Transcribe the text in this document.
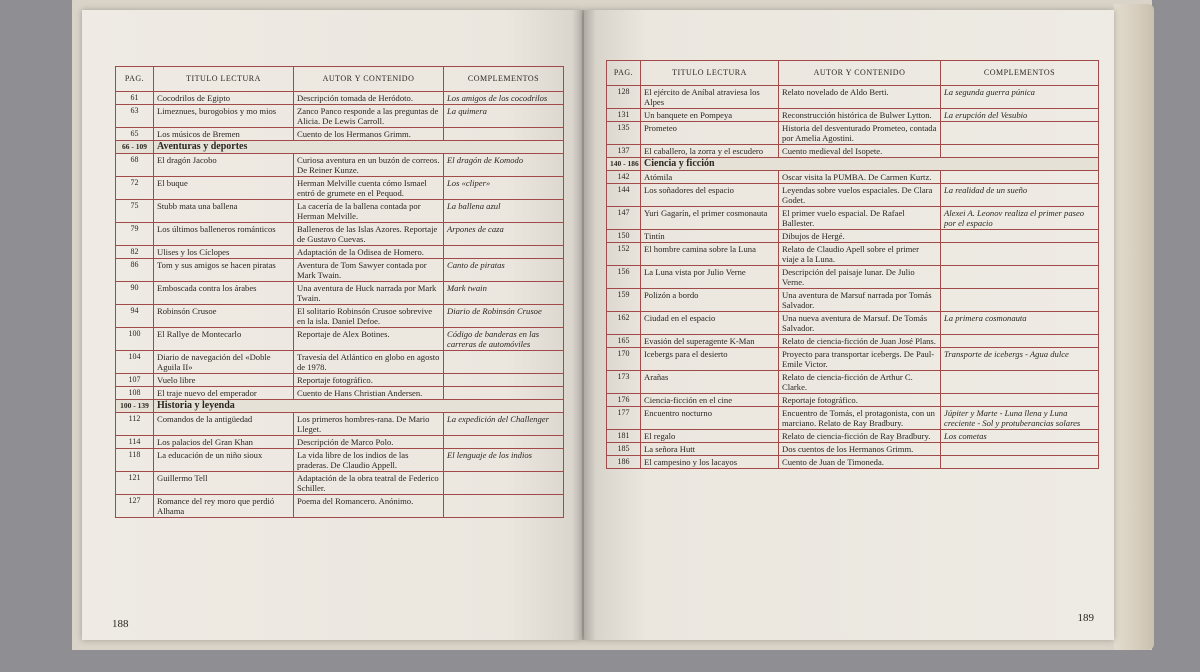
PAG.	TITULO LECTURA	AUTOR Y CONTENIDO	COMPLEMENTOS
61	Cocodrilos de Egipto	Descripción tomada de Heródoto.	Los amigos de los cocodrilos
63	Limeznues, burogobios y mo mios	Zanco Panco responde a las preguntas de Alicia. De Lewis Carroll.	La quimera
65	Los músicos de Bremen	Cuento de los Hermanos Grimm.	
66 - 109	Aventuras y deportes		
68	El dragón Jacobo	Curiosa aventura en un buzón de correos. De Reiner Kunze.	El dragón de Komodo
72	El buque	Herman Melville cuenta cómo Ismael entró de grumete en el Pequod.	Los «cliper»
75	Stubb mata una ballena	La cacería de la ballena contada por Herman Melville.	La ballena azul
79	Los últimos balleneros románticos	Balleneros de las Islas Azores. Reportaje de Gustavo Cuevas.	Arpones de caza
82	Ulises y los Cíclopes	Adaptación de la Odisea de Homero.	
86	Tom y sus amigos se hacen piratas	Aventura de Tom Sawyer contada por Mark Twain.	Canto de piratas
90	Emboscada contra los árabes	Una aventura de Huck narrada por Mark Twain.	Mark twain
94	Robinsón Crusoe	El solitario Robinsón Crusoe sobrevive en la isla. Daniel Defoe.	Diario de Robinsón Crusoe
100	El Rallye de Montecarlo	Reportaje de Alex Botines.	Código de banderas en las carreras de automóviles
104	Diario de navegación del «Doble Aguila II»	Travesía del Atlántico en globo en agosto de 1978.	
107	Vuelo libre	Reportaje fotográfico.	
108	El traje nuevo del emperador	Cuento de Hans Christian Andersen.	
100 - 139	Historia y leyenda		
112	Comandos de la antigüedad	Los primeros hombres-rana. De Mario Lleget.	La expedición del Challenger
114	Los palacios del Gran Khan	Descripción de Marco Polo.	
118	La educación de un niño sioux	La vida libre de los indios de las praderas. De Claudio Appell.	El lenguaje de los indios
121	Guillermo Tell	Adaptación de la obra teatral de Federico Schiller.	
127	Romance del rey moro que perdió Alhama	Poema del Romancero. Anónimo.	
188
PAG.	TITULO LECTURA	AUTOR Y CONTENIDO	COMPLEMENTOS
128	El ejército de Aníbal atraviesa los Alpes	Relato novelado de Aldo Berti.	La segunda guerra púnica
131	Un banquete en Pompeya	Reconstrucción histórica de Bulwer Lytton.	La erupción del Vesubio
135	Prometeo	Historia del desventurado Prometeo, contada por Amelia Agostini.	
137	El caballero, la zorra y el escudero	Cuento medieval del Isopete.	
140 - 186	Ciencia y ficción		
142	Atómila	Oscar visita la PUMBA. De Carmen Kurtz.	
144	Los soñadores del espacio	Leyendas sobre vuelos espaciales. De Clara Godet.	La realidad de un sueño
147	Yuri Gagarín, el primer cosmonauta	El primer vuelo espacial. De Rafael Ballester.	Alexei A. Leonov realiza el primer paseo por el espacio
150	Tintín	Dibujos de Hergé.	
152	El hombre camina sobre la Luna	Relato de Claudio Apell sobre el primer viaje a la Luna.	
156	La Luna vista por Julio Verne	Descripción del paisaje lunar. De Julio Verne.	
159	Polizón a bordo	Una aventura de Marsuf narrada por Tomás Salvador.	
162	Ciudad en el espacio	Una nueva aventura de Marsuf. De Tomás Salvador.	La primera cosmonauta
165	Evasión del superagente K-Man	Relato de ciencia-ficción de Juan José Plans.	
170	Icebergs para el desierto	Proyecto para transportar icebergs. De Paul-Emile Victor.	Transporte de icebergs - Agua dulce
173	Arañas	Relato de ciencia-ficción de Arthur C. Clarke.	
176	Ciencia-ficción en el cine	Reportaje fotográfico.	
177	Encuentro nocturno	Encuentro de Tomás, el protagonista, con un marciano. Relato de Ray Bradbury.	Júpiter y Marte - Luna llena y Luna creciente - Sol y protuberancias solares
181	El regalo	Relato de ciencia-ficción de Ray Bradbury.	Los cometas
185	La señora Hutt	Dos cuentos de los Hermanos Grimm.	
186	El campesino y los lacayos	Cuento de Juan de Timoneda.	
189
